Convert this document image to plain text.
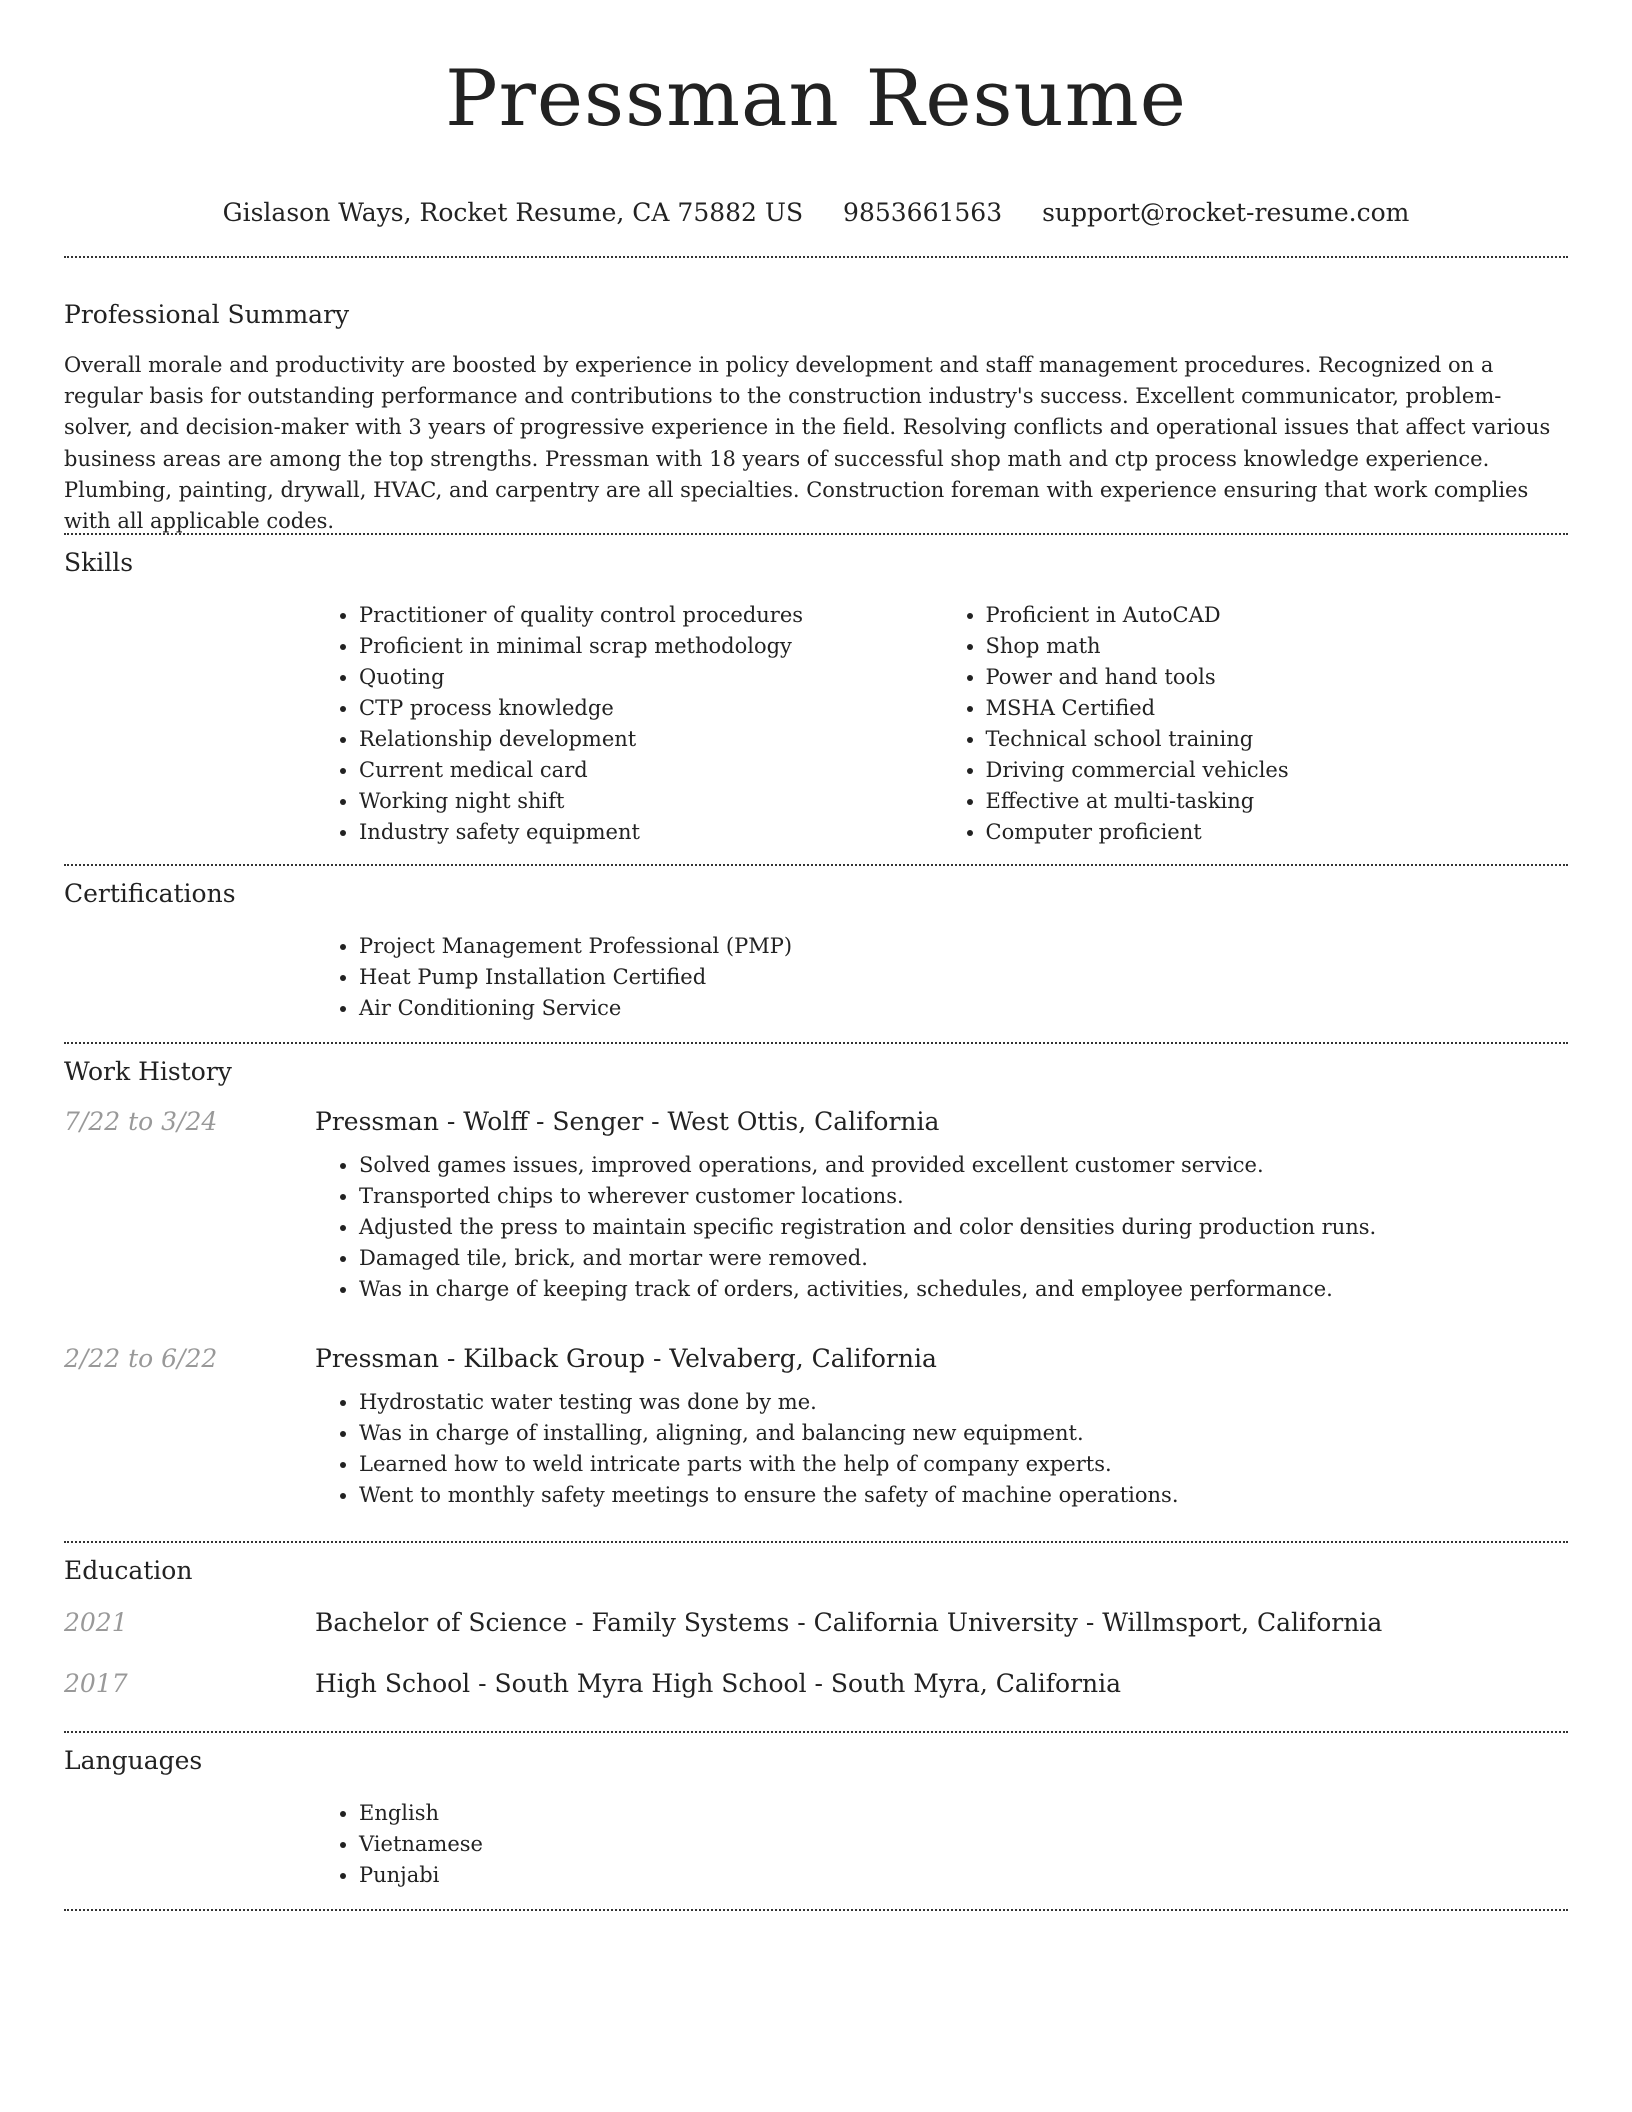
Pressman Resume
Gislason Ways, Rocket Resume, CA 75882 US 9853661563 support@rocket-resume.com
Professional Summary

Overall morale and productivity are boosted by experience in policy development and staff management procedures. Recognized on a regular basis for outstanding performance and contributions to the construction industry's success. Excellent communicator, problem-solver, and decision-maker with 3 years of progressive experience in the field. Resolving conflicts and operational issues that affect various business areas are among the top strengths. Pressman with 18 years of successful shop math and ctp process knowledge experience. Plumbing, painting, drywall, HVAC, and carpentry are all specialties. Construction foreman with experience ensuring that work complies with all applicable codes.

Skills
• Practitioner of quality control procedures
• Proficient in minimal scrap methodology
• Quoting
• CTP process knowledge
• Relationship development
• Current medical card
• Working night shift
• Industry safety equipment
• Proficient in AutoCAD
• Shop math
• Power and hand tools
• MSHA Certified
• Technical school training
• Driving commercial vehicles
• Effective at multi-tasking
• Computer proficient
Certifications
• Project Management Professional (PMP)
• Heat Pump Installation Certified
• Air Conditioning Service
Work History
7/22 to 3/24	Pressman - Wolff - Senger - West Ottis, California
• Solved games issues, improved operations, and provided excellent customer service.
• Transported chips to wherever customer locations.
• Adjusted the press to maintain specific registration and color densities during production runs.
• Damaged tile, brick, and mortar were removed.
• Was in charge of keeping track of orders, activities, schedules, and employee performance.
2/22 to 6/22	Pressman - Kilback Group - Velvaberg, California
• Hydrostatic water testing was done by me.
• Was in charge of installing, aligning, and balancing new equipment.
• Learned how to weld intricate parts with the help of company experts.
• Went to monthly safety meetings to ensure the safety of machine operations.
Education
2021	Bachelor of Science - Family Systems - California University - Willmsport, California
2017	High School - South Myra High School - South Myra, California
Languages
• English
• Vietnamese
• Punjabi
